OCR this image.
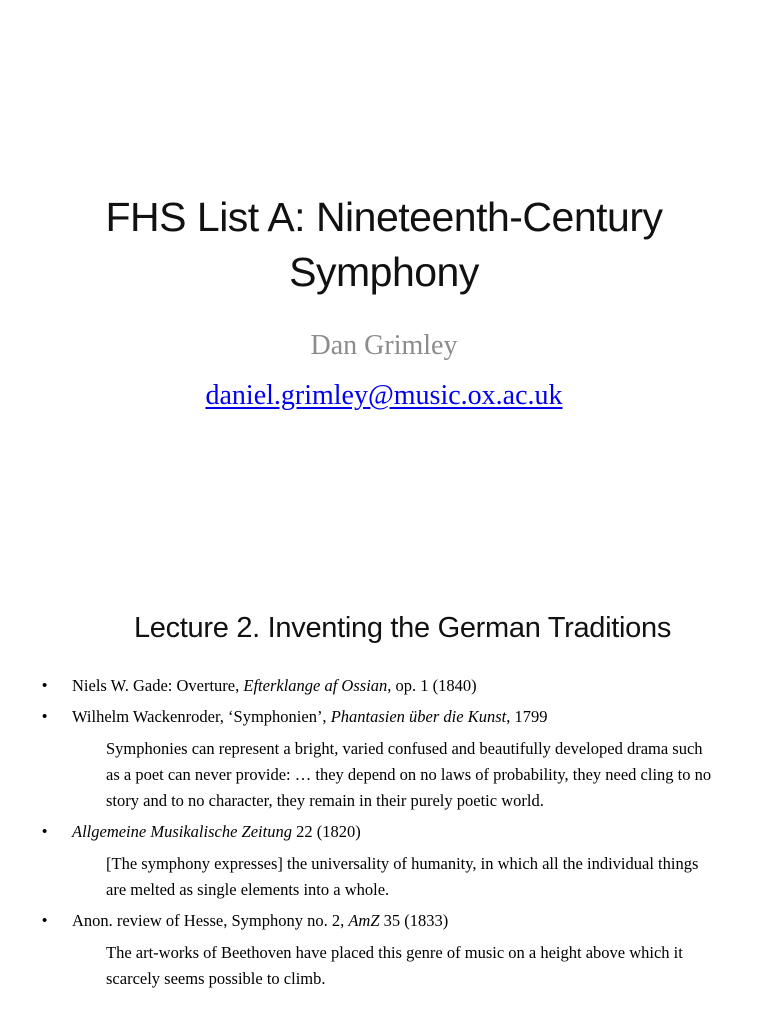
FHS List A: Nineteenth-Century Symphony
Dan Grimley
daniel.grimley@music.ox.ac.uk
Lecture 2. Inventing the German Traditions
• Niels W. Gade: Overture, Efterklange af Ossian, op. 1 (1840)
• Wilhelm Wackenroder, ‘Symphonien’, Phantasien über die Kunst, 1799
Symphonies can represent a bright, varied confused and beautifully developed drama such as a poet can never provide: … they depend on no laws of probability, they need cling to no story and to no character, they remain in their purely poetic world.
• Allgemeine Musikalische Zeitung 22 (1820)
[The symphony expresses] the universality of humanity, in which all the individual things are melted as single elements into a whole.
• Anon. review of Hesse, Symphony no. 2, AmZ 35 (1833)
The art-works of Beethoven have placed this genre of music on a height above which it scarcely seems possible to climb.
